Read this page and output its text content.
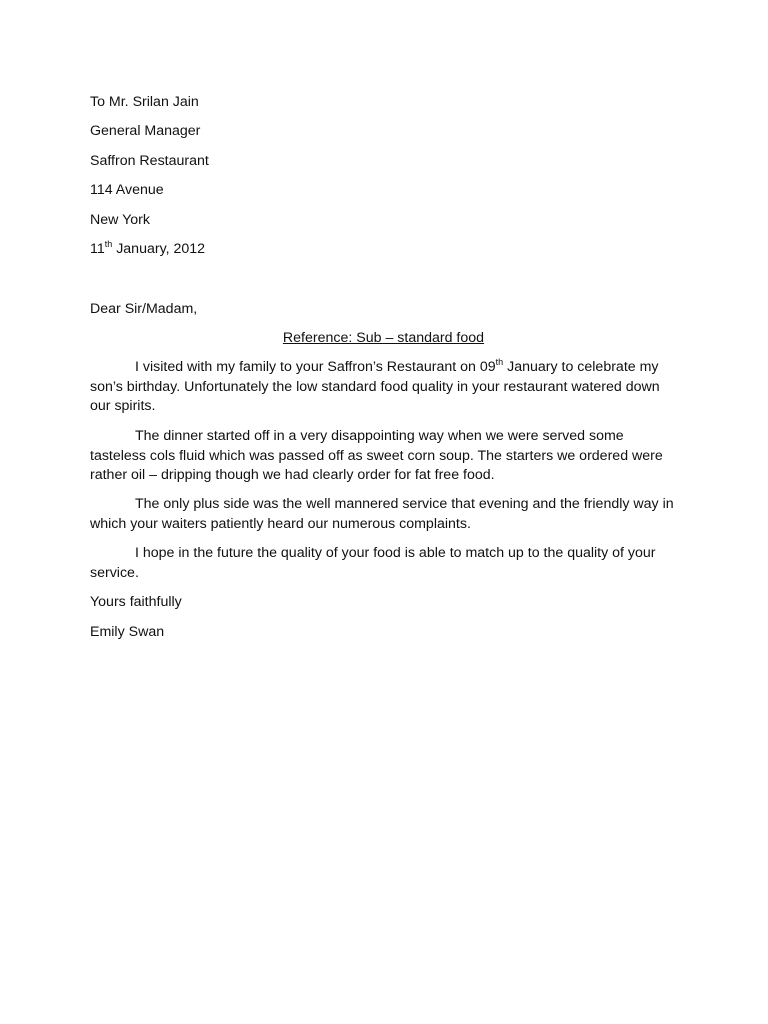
To Mr. Srilan Jain
General Manager
Saffron Restaurant
114 Avenue
New York
11th January, 2012
Dear Sir/Madam,
Reference: Sub – standard food

I visited with my family to your Saffron’s Restaurant on 09th January to celebrate my son’s birthday. Unfortunately the low standard food quality in your restaurant watered down our spirits.

The dinner started off in a very disappointing way when we were served some tasteless cols fluid which was passed off as sweet corn soup. The starters we ordered were rather oil – dripping though we had clearly order for fat free food.

The only plus side was the well mannered service that evening and the friendly way in which your waiters patiently heard our numerous complaints.

I hope in the future the quality of your food is able to match up to the quality of your service.

Yours faithfully
Emily Swan
